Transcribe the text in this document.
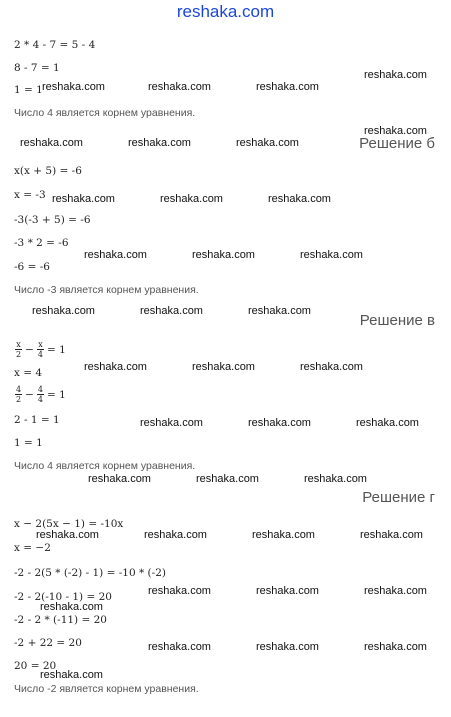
reshaka.com
2 * 4 - 7 = 5 - 4
8 - 7 = 1
1 = 1
Число 4 является корнем уравнения.
Решение б
x(x + 5) = -6
x = -3
-3(-3 + 5) = -6
-3 * 2 = -6
-6 = -6
Число -3 является корнем уравнения.
Решение в
$\frac{x}{2} - \frac{x}{4} = 1$
x = 4
$\frac{4}{2} - \frac{4}{4} = 1$
2 - 1 = 1
1 = 1
Число 4 является корнем уравнения.
Решение г
x − 2(5x − 1) = -10x
x = −2
-2 - 2(5 * (-2) - 1) = -10 * (-2)
-2 - 2(-10 - 1) = 20
-2 - 2 * (-11) = 20
-2 + 22 = 20
20 = 20
Число -2 является корнем уравнения.
reshaka.com	reshaka.com	reshaka.com
reshaka.com
reshaka.com
reshaka.com	reshaka.com	reshaka.com
reshaka.com	reshaka.com	reshaka.com
reshaka.com	reshaka.com	reshaka.com
reshaka.com	reshaka.com	reshaka.com
reshaka.com	reshaka.com	reshaka.com
reshaka.com	reshaka.com	reshaka.com
reshaka.com	reshaka.com	reshaka.com
reshaka.com	reshaka.com	reshaka.com	reshaka.com
reshaka.com	reshaka.com	reshaka.com
reshaka.com
reshaka.com	reshaka.com	reshaka.com
reshaka.com
